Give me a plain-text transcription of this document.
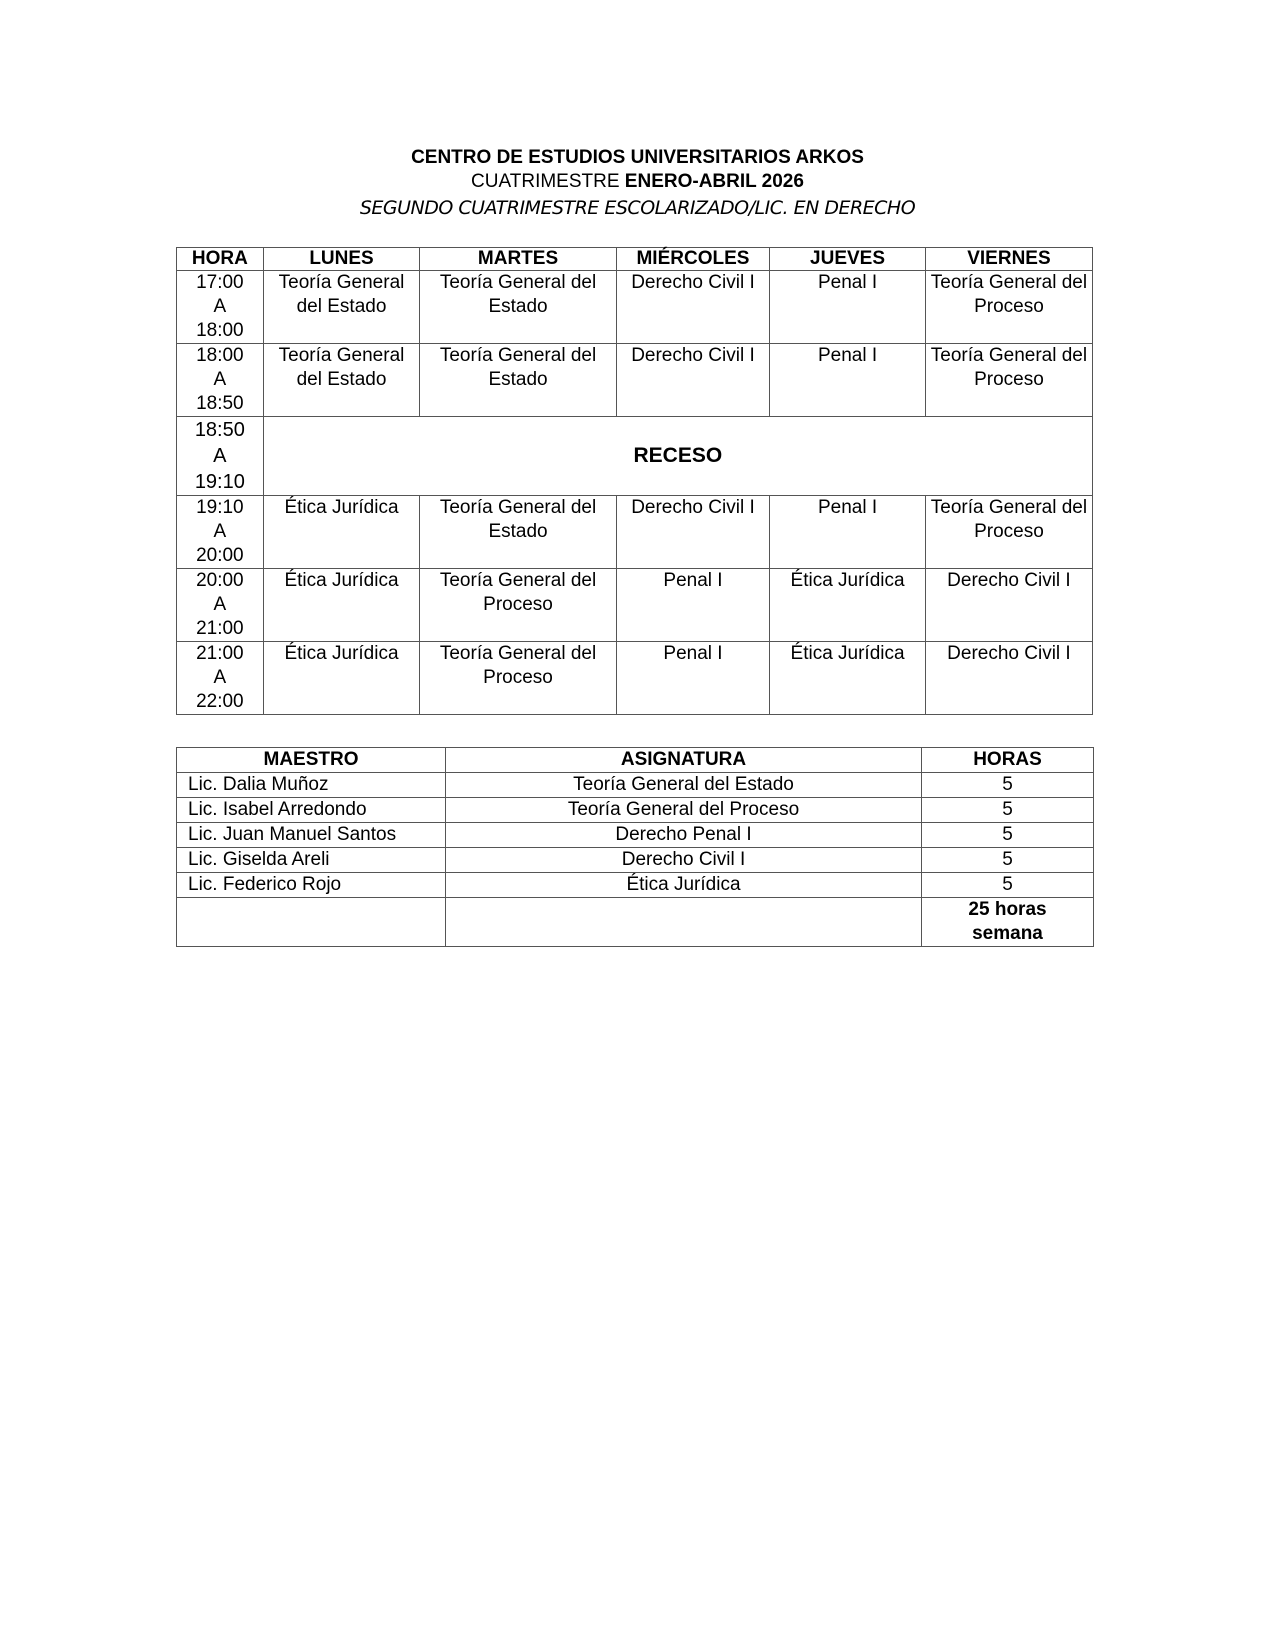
CENTRO DE ESTUDIOS UNIVERSITARIOS ARKOS
CUATRIMESTRE ENERO-ABRIL 2026
SEGUNDO CUATRIMESTRE ESCOLARIZADO/LIC. EN DERECHO
HORA	LUNES	MARTES	MIÉRCOLES	JUEVES	VIERNES

17:00
A
18:00	Teoría General del Estado	Teoría General del Estado	Derecho Civil I	Penal I	Teoría General del Proceso

18:00
A
18:50	Teoría General del Estado	Teoría General del Estado	Derecho Civil I	Penal I	Teoría General del Proceso

18:50
A
19:10	RECESO				

19:10
A
20:00	Ética Jurídica	Teoría General del Estado	Derecho Civil I	Penal I	Teoría General del Proceso

20:00
A
21:00	Ética Jurídica	Teoría General del Proceso	Penal I	Ética Jurídica	Derecho Civil I

21:00
A
22:00	Ética Jurídica	Teoría General del Proceso	Penal I	Ética Jurídica	Derecho Civil I
MAESTRO	ASIGNATURA	HORAS
Lic. Dalia Muñoz	Teoría General del Estado	5
Lic. Isabel Arredondo	Teoría General del Proceso	5
Lic. Juan Manuel Santos	Derecho Penal I	5
Lic. Giselda Areli	Derecho Civil I	5
Lic. Federico Rojo	Ética Jurídica	5

		25 horas
semana
